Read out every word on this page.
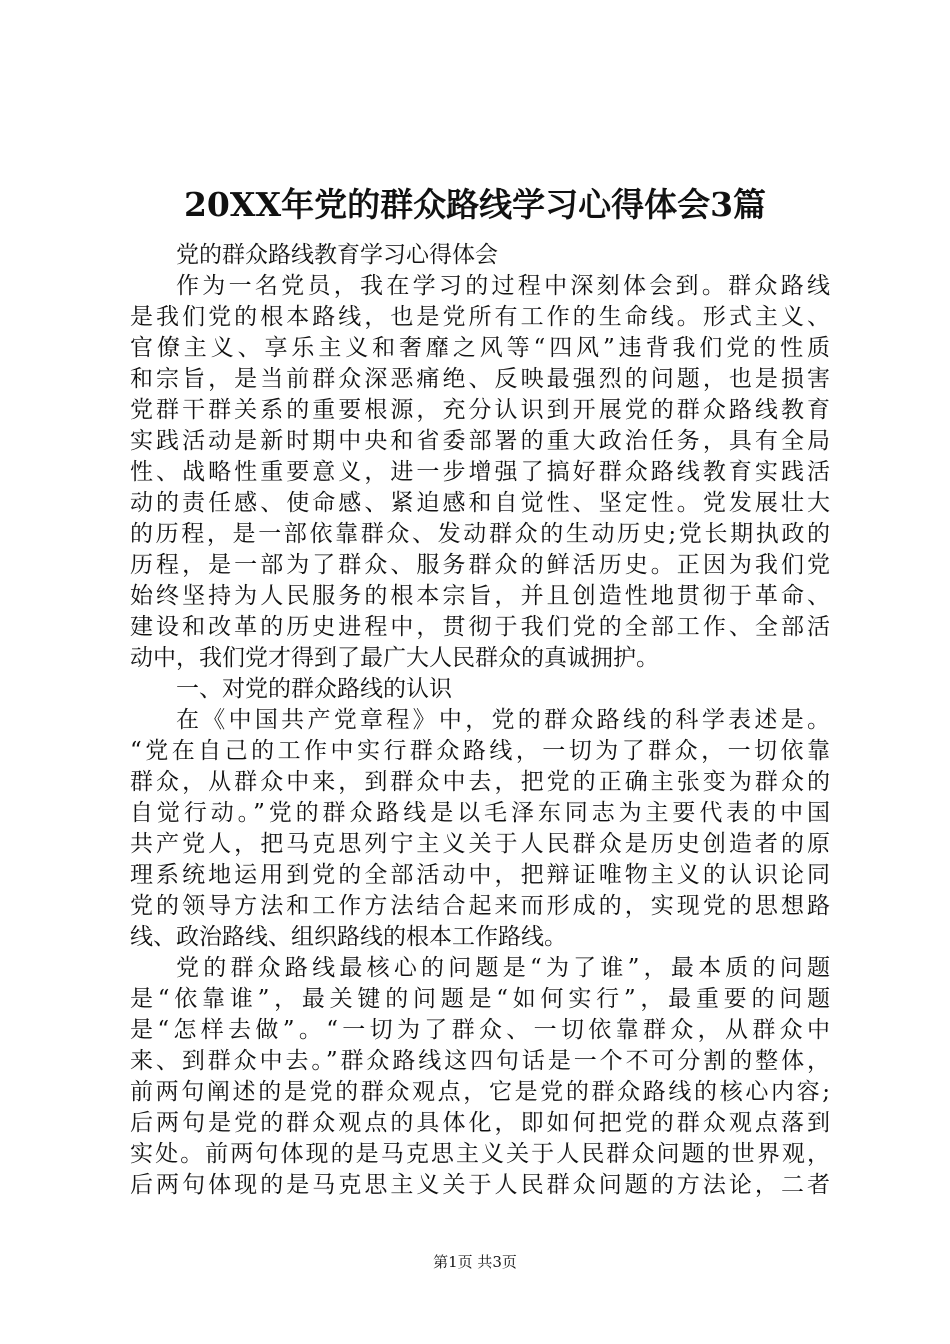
20XX年党的群众路线学习心得体会3篇
党的群众路线教育学习心得体会
作为一名党员，我在学习的过程中深刻体会到。群众路线
是我们党的根本路线，也是党所有工作的生命线。形式主义、
官僚主义、享乐主义和奢靡之风等“四风”违背我们党的性质
和宗旨，是当前群众深恶痛绝、反映最强烈的问题，也是损害
党群干群关系的重要根源，充分认识到开展党的群众路线教育
实践活动是新时期中央和省委部署的重大政治任务，具有全局
性、战略性重要意义，进一步增强了搞好群众路线教育实践活
动的责任感、使命感、紧迫感和自觉性、坚定性。党发展壮大
的历程，是一部依靠群众、发动群众的生动历史;党长期执政的
历程，是一部为了群众、服务群众的鲜活历史。正因为我们党
始终坚持为人民服务的根本宗旨，并且创造性地贯彻于革命、
建设和改革的历史进程中，贯彻于我们党的全部工作、全部活
动中，我们党才得到了最广大人民群众的真诚拥护。
一、对党的群众路线的认识
在《中国共产党章程》中，党的群众路线的科学表述是。
“党在自己的工作中实行群众路线，一切为了群众，一切依靠
群众，从群众中来，到群众中去，把党的正确主张变为群众的
自觉行动。”党的群众路线是以毛泽东同志为主要代表的中国
共产党人，把马克思列宁主义关于人民群众是历史创造者的原
理系统地运用到党的全部活动中，把辩证唯物主义的认识论同
党的领导方法和工作方法结合起来而形成的，实现党的思想路
线、政治路线、组织路线的根本工作路线。
党的群众路线最核心的问题是“为了谁”，最本质的问题
是“依靠谁”，最关键的问题是“如何实行”，最重要的问题
是“怎样去做”。“一切为了群众、一切依靠群众，从群众中
来、到群众中去。”群众路线这四句话是一个不可分割的整体，
前两句阐述的是党的群众观点，它是党的群众路线的核心内容;
后两句是党的群众观点的具体化，即如何把党的群众观点落到
实处。前两句体现的是马克思主义关于人民群众问题的世界观，
后两句体现的是马克思主义关于人民群众问题的方法论，二者
第1页 共3页
